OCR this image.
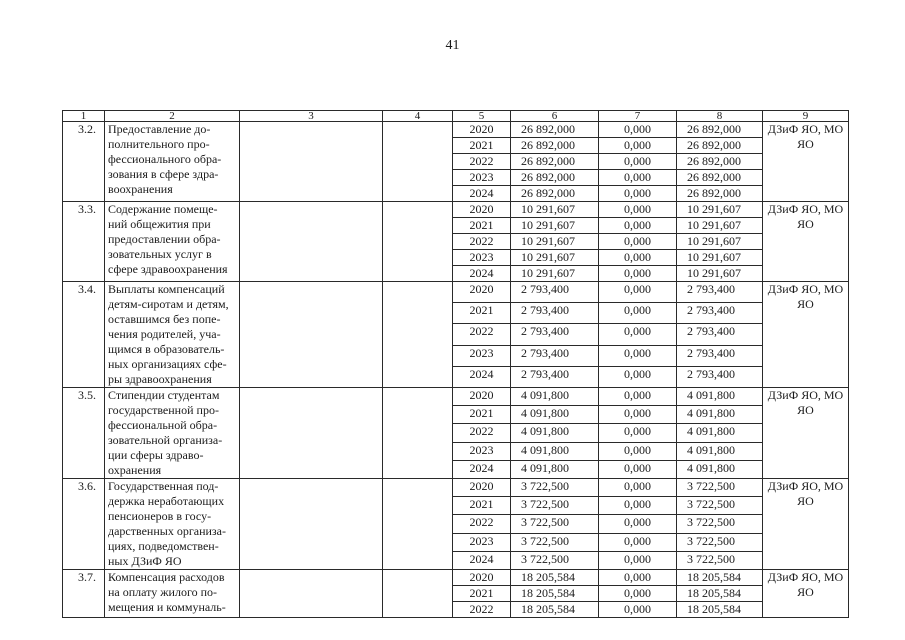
41
1	2	3	4	5	6	7	8	9
3.2.	Предоставление до-полнительного про-фессионального обра-зования в сфере здра-воохранения			2020	26 892,000	0,000	26 892,000	ДЗиФ ЯО, МО ЯО
				2021	26 892,000	0,000	26 892,000	
				2022	26 892,000	0,000	26 892,000	
				2023	26 892,000	0,000	26 892,000	
				2024	26 892,000	0,000	26 892,000	
3.3.	Содержание помеще-ний общежития при предоставлении обра-зовательных услуг в сфере здравоохранения			2020	10 291,607	0,000	10 291,607	ДЗиФ ЯО, МО ЯО
				2021	10 291,607	0,000	10 291,607	
				2022	10 291,607	0,000	10 291,607	
				2023	10 291,607	0,000	10 291,607	
				2024	10 291,607	0,000	10 291,607	
3.4.	Выплаты компенсаций детям-сиротам и детям, оставшимся без попе-чения родителей, уча-щимся в образователь-ных организациях сфе-ры здравоохранения			2020	2 793,400	0,000	2 793,400	ДЗиФ ЯО, МО ЯО
				2021	2 793,400	0,000	2 793,400	
				2022	2 793,400	0,000	2 793,400	
				2023	2 793,400	0,000	2 793,400	
				2024	2 793,400	0,000	2 793,400	
3.5.	Стипендии студентам государственной про-фессиональной обра-зовательной организа-ции сферы здраво-охранения			2020	4 091,800	0,000	4 091,800	ДЗиФ ЯО, МО ЯО
				2021	4 091,800	0,000	4 091,800	
				2022	4 091,800	0,000	4 091,800	
				2023	4 091,800	0,000	4 091,800	
				2024	4 091,800	0,000	4 091,800	
3.6.	Государственная под-держка неработающих пенсионеров в госу-дарственных организа-циях, подведомствен-ных ДЗиФ ЯО			2020	3 722,500	0,000	3 722,500	ДЗиФ ЯО, МО ЯО
				2021	3 722,500	0,000	3 722,500	
				2022	3 722,500	0,000	3 722,500	
				2023	3 722,500	0,000	3 722,500	
				2024	3 722,500	0,000	3 722,500	
3.7.	Компенсация расходов на оплату жилого по-мещения и коммуналь-			2020	18 205,584	0,000	18 205,584	ДЗиФ ЯО, МО ЯО
				2021	18 205,584	0,000	18 205,584	
				2022	18 205,584	0,000	18 205,584	
